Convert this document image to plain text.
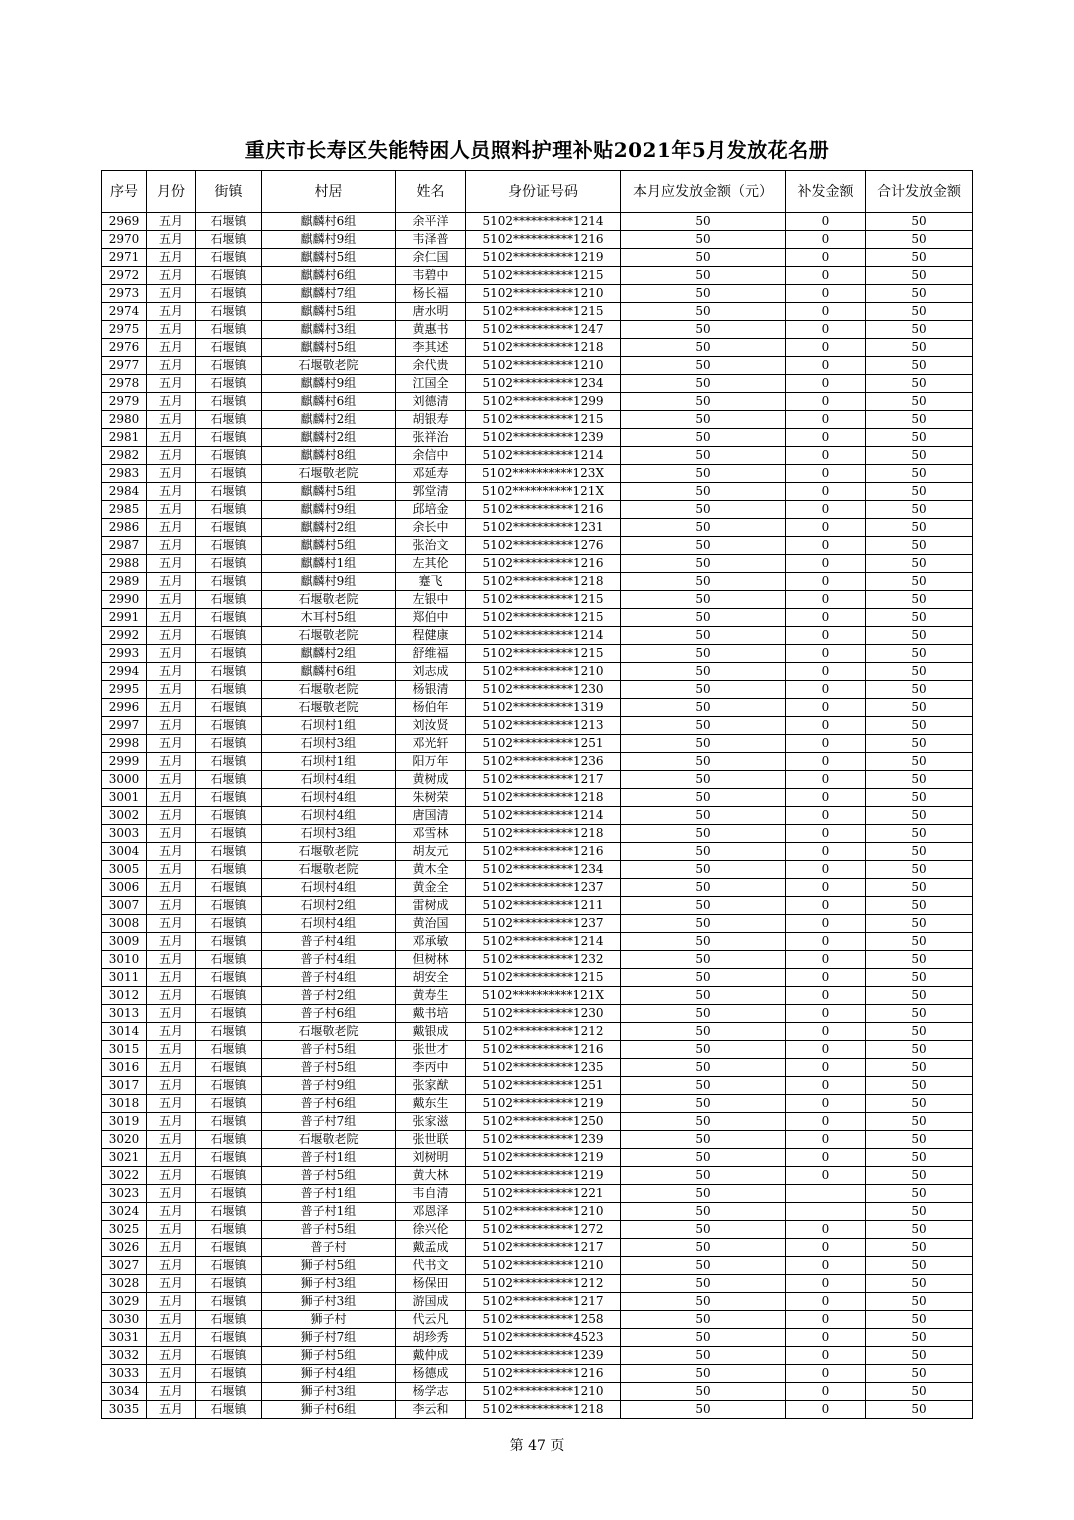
重庆市长寿区失能特困人员照料护理补贴2021年5月发放花名册
序号	月份	街镇	村居	姓名	身份证号码	本月应发放金额（元）	补发金额	合计发放金额
2969	五月	石堰镇	麒麟村6组	余平洋	5102**********1214	50	0	50
2970	五月	石堰镇	麒麟村9组	韦泽普	5102**********1216	50	0	50
2971	五月	石堰镇	麒麟村5组	余仁国	5102**********1219	50	0	50
2972	五月	石堰镇	麒麟村6组	韦碧中	5102**********1215	50	0	50
2973	五月	石堰镇	麒麟村7组	杨长福	5102**********1210	50	0	50
2974	五月	石堰镇	麒麟村5组	唐水明	5102**********1215	50	0	50
2975	五月	石堰镇	麒麟村3组	黄惠书	5102**********1247	50	0	50
2976	五月	石堰镇	麒麟村5组	李其述	5102**********1218	50	0	50
2977	五月	石堰镇	石堰敬老院	余代贵	5102**********1210	50	0	50
2978	五月	石堰镇	麒麟村9组	江国全	5102**********1234	50	0	50
2979	五月	石堰镇	麒麟村6组	刘德清	5102**********1299	50	0	50
2980	五月	石堰镇	麒麟村2组	胡银寿	5102**********1215	50	0	50
2981	五月	石堰镇	麒麟村2组	张祥治	5102**********1239	50	0	50
2982	五月	石堰镇	麒麟村8组	余信中	5102**********1214	50	0	50
2983	五月	石堰镇	石堰敬老院	邓延寿	5102**********123X	50	0	50
2984	五月	石堰镇	麒麟村5组	郭堂清	5102**********121X	50	0	50
2985	五月	石堰镇	麒麟村9组	邱培金	5102**********1216	50	0	50
2986	五月	石堰镇	麒麟村2组	余长中	5102**********1231	50	0	50
2987	五月	石堰镇	麒麟村5组	张治文	5102**********1276	50	0	50
2988	五月	石堰镇	麒麟村1组	左其伦	5102**********1216	50	0	50
2989	五月	石堰镇	麒麟村9组	蹇飞	5102**********1218	50	0	50
2990	五月	石堰镇	石堰敬老院	左银中	5102**********1215	50	0	50
2991	五月	石堰镇	木耳村5组	郑伯中	5102**********1215	50	0	50
2992	五月	石堰镇	石堰敬老院	程健康	5102**********1214	50	0	50
2993	五月	石堰镇	麒麟村2组	舒维福	5102**********1215	50	0	50
2994	五月	石堰镇	麒麟村6组	刘志成	5102**********1210	50	0	50
2995	五月	石堰镇	石堰敬老院	杨银清	5102**********1230	50	0	50
2996	五月	石堰镇	石堰敬老院	杨伯年	5102**********1319	50	0	50
2997	五月	石堰镇	石坝村1组	刘汝贤	5102**********1213	50	0	50
2998	五月	石堰镇	石坝村3组	邓光轩	5102**********1251	50	0	50
2999	五月	石堰镇	石坝村1组	阳万年	5102**********1236	50	0	50
3000	五月	石堰镇	石坝村4组	黄树成	5102**********1217	50	0	50
3001	五月	石堰镇	石坝村4组	朱树荣	5102**********1218	50	0	50
3002	五月	石堰镇	石坝村4组	唐国清	5102**********1214	50	0	50
3003	五月	石堰镇	石坝村3组	邓雪林	5102**********1218	50	0	50
3004	五月	石堰镇	石堰敬老院	胡友元	5102**********1216	50	0	50
3005	五月	石堰镇	石堰敬老院	黄木全	5102**********1234	50	0	50
3006	五月	石堰镇	石坝村4组	黄金全	5102**********1237	50	0	50
3007	五月	石堰镇	石坝村2组	雷树成	5102**********1211	50	0	50
3008	五月	石堰镇	石坝村4组	黄治国	5102**********1237	50	0	50
3009	五月	石堰镇	普子村4组	邓承敏	5102**********1214	50	0	50
3010	五月	石堰镇	普子村4组	但树林	5102**********1232	50	0	50
3011	五月	石堰镇	普子村4组	胡安全	5102**********1215	50	0	50
3012	五月	石堰镇	普子村2组	黄寿生	5102**********121X	50	0	50
3013	五月	石堰镇	普子村6组	戴书培	5102**********1230	50	0	50
3014	五月	石堰镇	石堰敬老院	戴银成	5102**********1212	50	0	50
3015	五月	石堰镇	普子村5组	张世才	5102**********1216	50	0	50
3016	五月	石堰镇	普子村5组	李丙中	5102**********1235	50	0	50
3017	五月	石堰镇	普子村9组	张家猷	5102**********1251	50	0	50
3018	五月	石堰镇	普子村6组	戴东生	5102**********1219	50	0	50
3019	五月	石堰镇	普子村7组	张家滋	5102**********1250	50	0	50
3020	五月	石堰镇	石堰敬老院	张世联	5102**********1239	50	0	50
3021	五月	石堰镇	普子村1组	刘树明	5102**********1219	50	0	50
3022	五月	石堰镇	普子村5组	黄大林	5102**********1219	50	0	50
3023	五月	石堰镇	普子村1组	韦自清	5102**********1221	50		50
3024	五月	石堰镇	普子村1组	邓恩泽	5102**********1210	50		50
3025	五月	石堰镇	普子村5组	徐兴伦	5102**********1272	50	0	50
3026	五月	石堰镇	普子村	戴孟成	5102**********1217	50	0	50
3027	五月	石堰镇	狮子村5组	代书文	5102**********1210	50	0	50
3028	五月	石堰镇	狮子村3组	杨保田	5102**********1212	50	0	50
3029	五月	石堰镇	狮子村3组	游国成	5102**********1217	50	0	50
3030	五月	石堰镇	狮子村	代云凡	5102**********1258	50	0	50
3031	五月	石堰镇	狮子村7组	胡珍秀	5102**********4523	50	0	50
3032	五月	石堰镇	狮子村5组	戴仲成	5102**********1239	50	0	50
3033	五月	石堰镇	狮子村4组	杨德成	5102**********1216	50	0	50
3034	五月	石堰镇	狮子村3组	杨学志	5102**********1210	50	0	50
3035	五月	石堰镇	狮子村6组	李云和	5102**********1218	50	0	50
第 47 页
